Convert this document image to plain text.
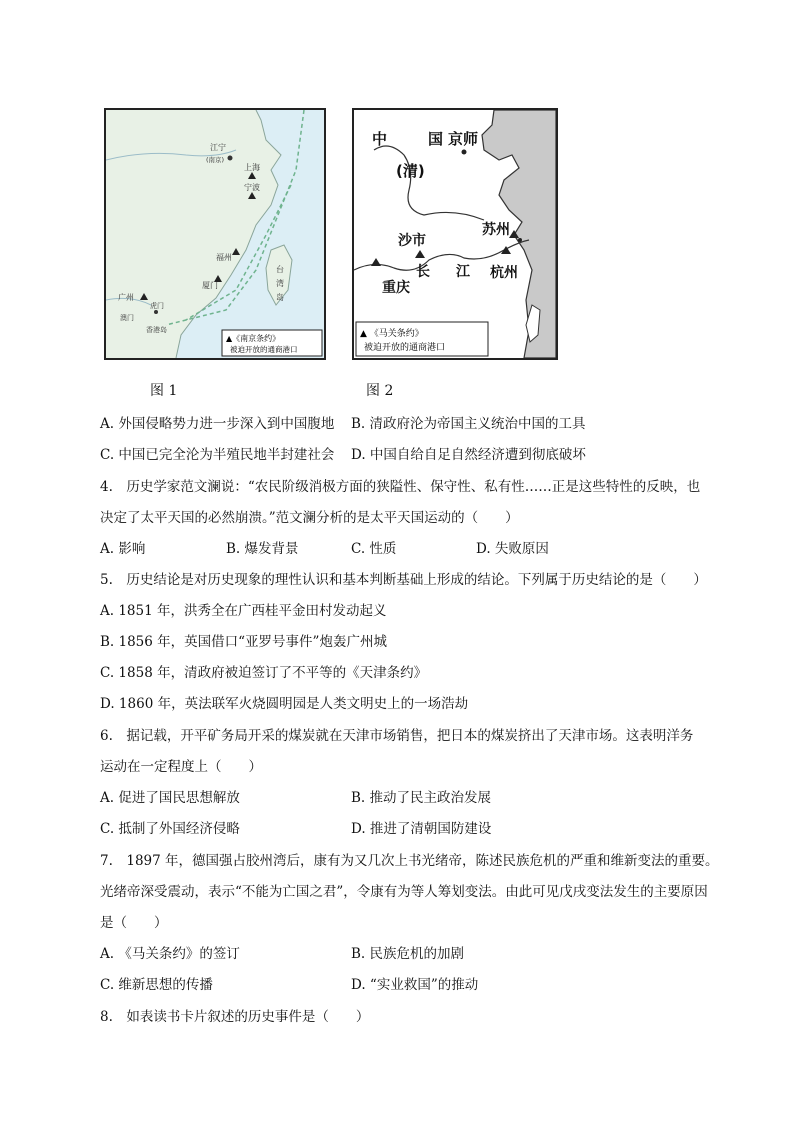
江宁
(南京)
上海
宁波
福州
厦门
广州
虎门
澳门
香港岛
台
湾
岛
▲《南京条约》
被迫开放的通商港口
中	国 京师
(清)
苏州
沙市
杭州
长 江
重庆
▲ 《马关条约》
被迫开放的通商港口
图 1	图 2
A. 外国侵略势力进一步深入到中国腹地 B. 清政府沦为帝国主义统治中国的工具
C. 中国已完全沦为半殖民地半封建社会 D. 中国自给自足自然经济遭到彻底破坏
4.　历史学家范文澜说：“农民阶级消极方面的狭隘性、保守性、私有性……正是这些特性的反映，也
决定了太平天国的必然崩溃。”范文澜分析的是太平天国运动的（　　）
A. 影响	B. 爆发背景	C. 性质	D. 失败原因
5.　历史结论是对历史现象的理性认识和基本判断基础上形成的结论。下列属于历史结论的是（　　）
A. 1851 年，洪秀全在广西桂平金田村发动起义
B. 1856 年，英国借口“亚罗号事件”炮轰广州城
C. 1858 年，清政府被迫签订了不平等的《天津条约》
D. 1860 年，英法联军火烧圆明园是人类文明史上的一场浩劫
6.　据记载，开平矿务局开采的煤炭就在天津市场销售，把日本的煤炭挤出了天津市场。这表明洋务
运动在一定程度上（　　）
A. 促进了国民思想解放	B. 推动了民主政治发展
C. 抵制了外国经济侵略	D. 推进了清朝国防建设
7.　1897 年，德国强占胶州湾后，康有为又几次上书光绪帝，陈述民族危机的严重和维新变法的重要。
光绪帝深受震动，表示“不能为亡国之君”，令康有为等人筹划变法。由此可见戊戌变法发生的主要原因
是（　　）
A. 《马关条约》的签订	B. 民族危机的加剧
C. 维新思想的传播	D. “实业救国”的推动
8.　如表读书卡片叙述的历史事件是（　　）
